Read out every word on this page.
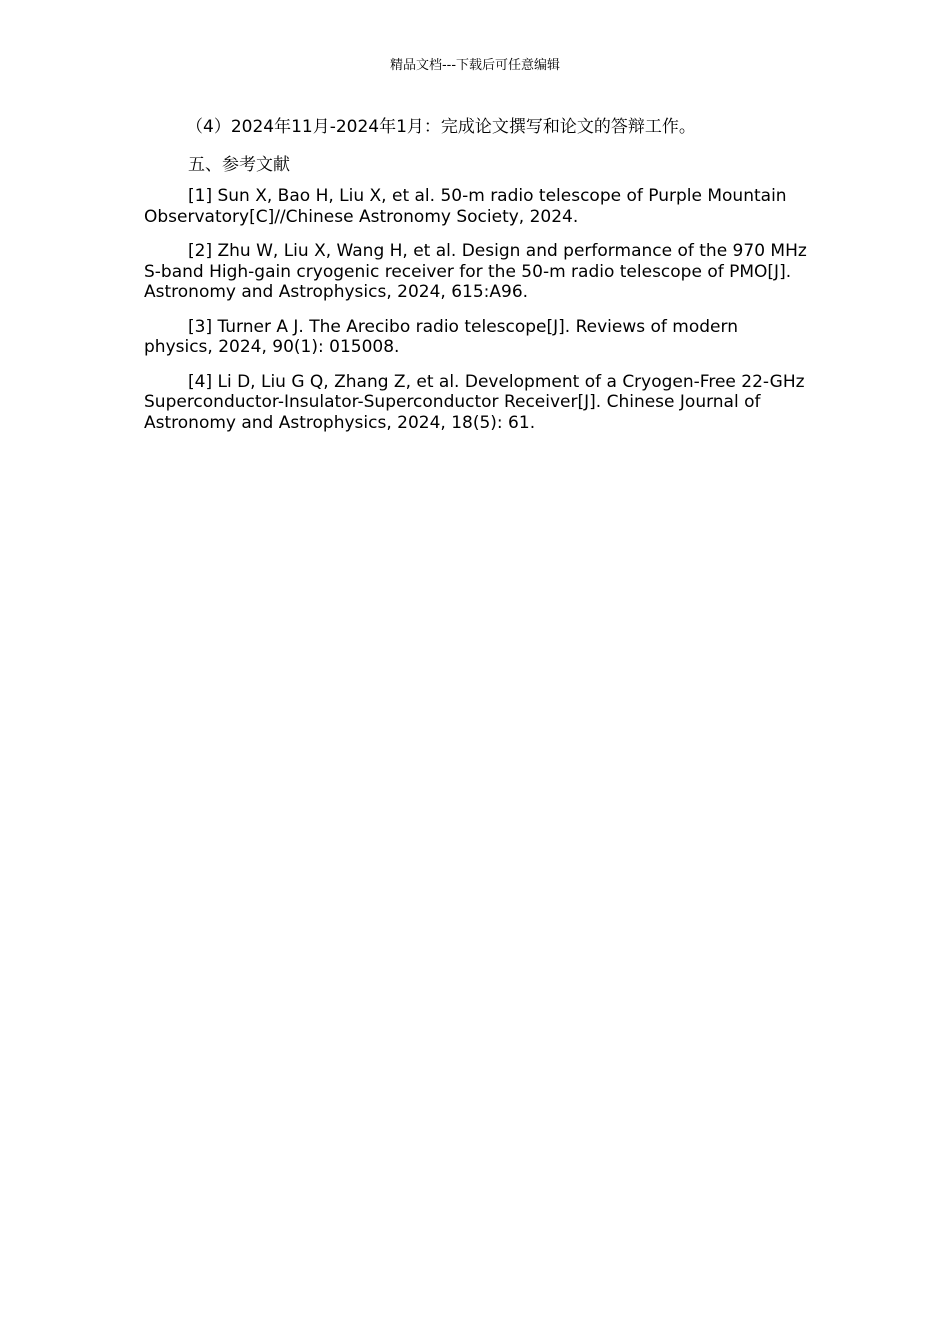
精品文档---下载后可任意编辑

（4）2024年11月-2024年1月：完成论文撰写和论文的答辩工作。

五、参考文献

[1] Sun X, Bao H, Liu X, et al. 50-m radio telescope of Purple Mountain Observatory[C]//Chinese Astronomy Society, 2024.
[2] Zhu W, Liu X, Wang H, et al. Design and performance of the 970 MHz S-band High-gain cryogenic receiver for the 50-m radio telescope of PMO[J]. Astronomy and Astrophysics, 2024, 615:A96.
[3] Turner A J. The Arecibo radio telescope[J]. Reviews of modern physics, 2024, 90(1): 015008.
[4] Li D, Liu G Q, Zhang Z, et al. Development of a Cryogen-Free 22-GHz Superconductor-Insulator-Superconductor Receiver[J]. Chinese Journal of Astronomy and Astrophysics, 2024, 18(5): 61.
